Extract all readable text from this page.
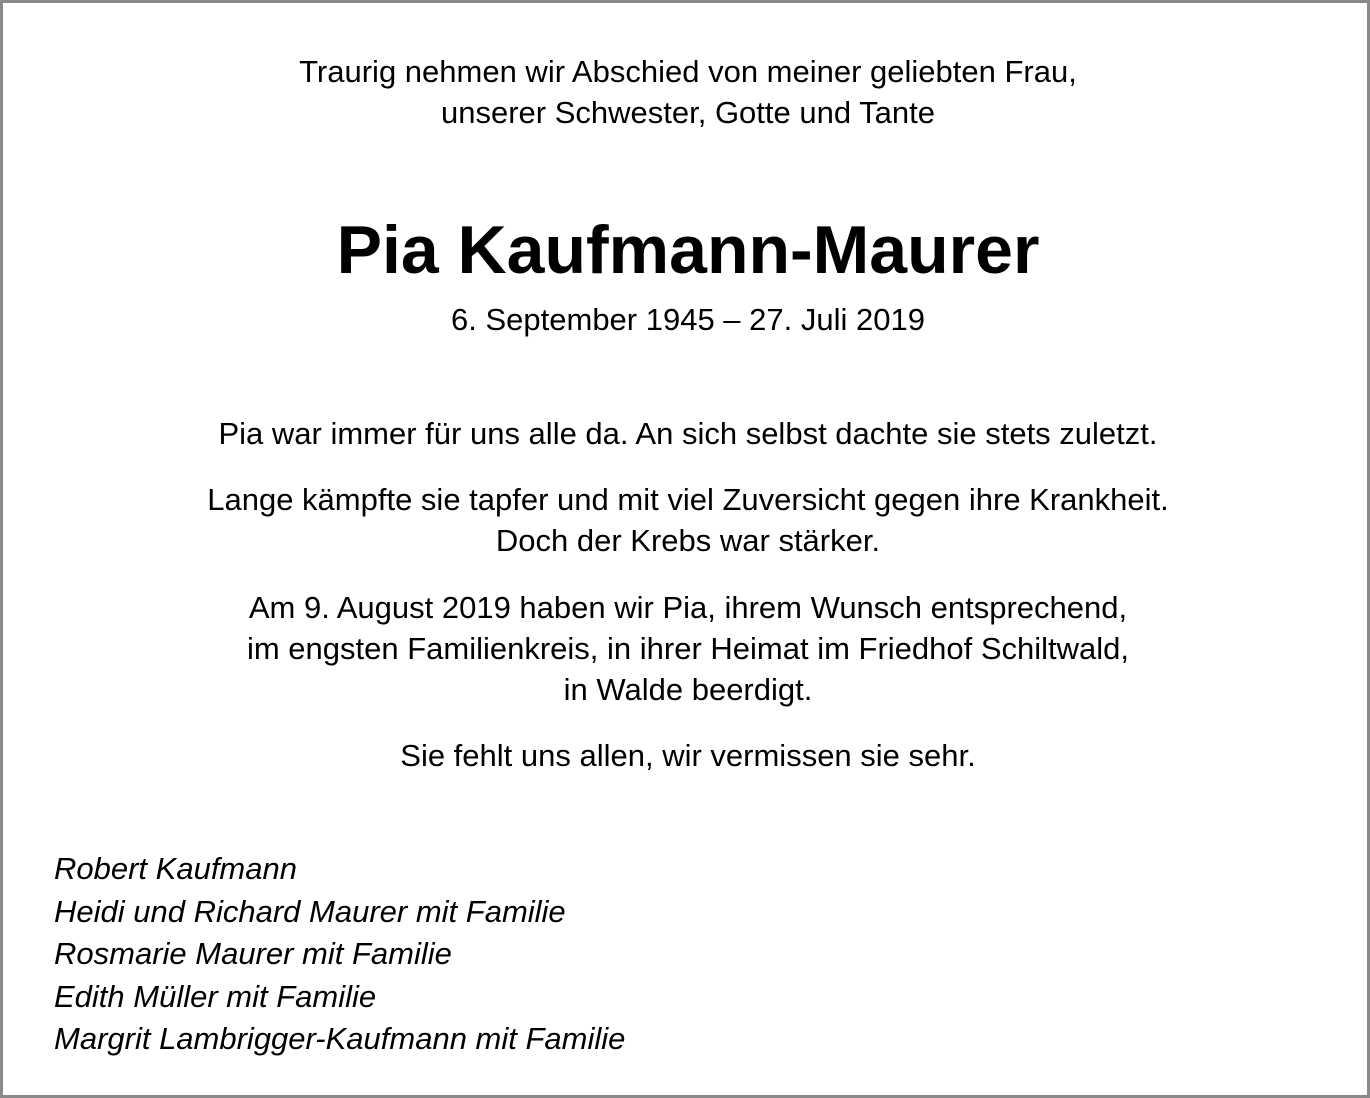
Traurig nehmen wir Abschied von meiner geliebten Frau,
unserer Schwester, Gotte und Tante
Pia Kaufmann-Maurer
6. September 1945 – 27. Juli 2019
Pia war immer für uns alle da. An sich selbst dachte sie stets zuletzt.
Lange kämpfte sie tapfer und mit viel Zuversicht gegen ihre Krankheit.
Doch der Krebs war stärker.
Am 9. August 2019 haben wir Pia, ihrem Wunsch entsprechend,
im engsten Familienkreis, in ihrer Heimat im Friedhof Schiltwald,
in Walde beerdigt.
Sie fehlt uns allen, wir vermissen sie sehr.
Robert Kaufmann
Heidi und Richard Maurer mit Familie
Rosmarie Maurer mit Familie
Edith Müller mit Familie
Margrit Lambrigger-Kaufmann mit Familie
